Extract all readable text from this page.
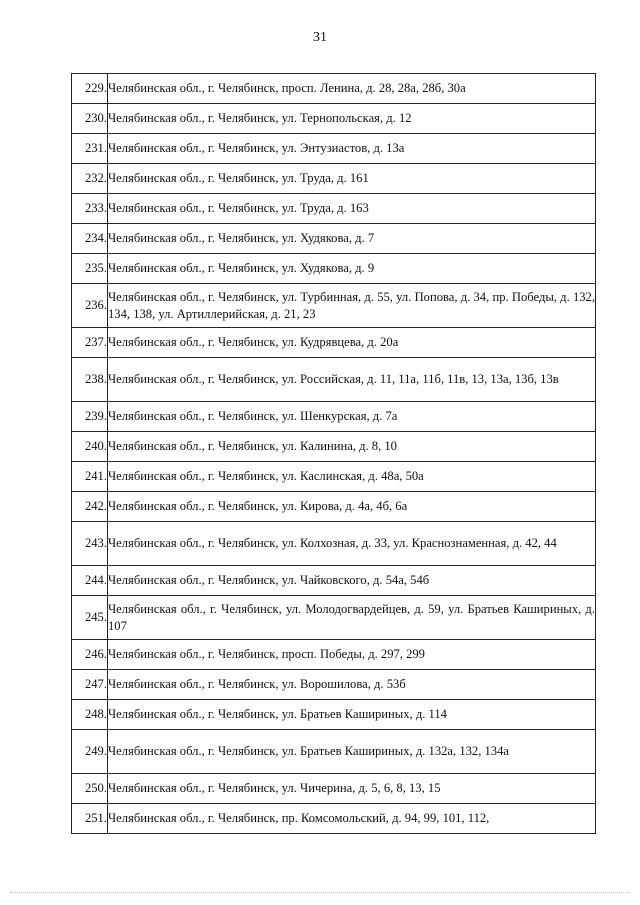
31
229.	Челябинская обл., г. Челябинск, просп. Ленина, д. 28, 28а, 28б, 30а
230.	Челябинская обл., г. Челябинск, ул. Тернопольская, д. 12
231.	Челябинская обл., г. Челябинск, ул. Энтузиастов, д. 13а
232.	Челябинская обл., г. Челябинск, ул. Труда, д. 161
233.	Челябинская обл., г. Челябинск, ул. Труда, д. 163
234.	Челябинская обл., г. Челябинск, ул. Худякова, д. 7
235.	Челябинская обл., г. Челябинск, ул. Худякова, д. 9
236.	Челябинская обл., г. Челябинск, ул. Турбинная, д. 55, ул. Попова, д. 34, пр. Победы, д. 132, 134, 138, ул. Артиллерийская, д. 21, 23
237.	Челябинская обл., г. Челябинск, ул. Кудрявцева, д. 20а
238.	Челябинская обл., г. Челябинск, ул. Российская, д. 11, 11а, 11б, 11в, 13, 13а, 13б, 13в
239.	Челябинская обл., г. Челябинск, ул. Шенкурская, д. 7а
240.	Челябинская обл., г. Челябинск, ул. Калинина, д. 8, 10
241.	Челябинская обл., г. Челябинск, ул. Каслинская, д. 48а, 50а
242.	Челябинская обл., г. Челябинск, ул. Кирова, д. 4а, 4б, 6а
243.	Челябинская обл., г. Челябинск, ул. Колхозная, д. 33, ул. Краснознаменная, д. 42, 44
244.	Челябинская обл., г. Челябинск, ул. Чайковского, д. 54а, 54б
245.	Челябинская обл., г. Челябинск, ул. Молодогвардейцев, д. 59, ул. Братьев Кашириных, д. 107
246.	Челябинская обл., г. Челябинск, просп. Победы, д. 297, 299
247.	Челябинская обл., г. Челябинск, ул. Ворошилова, д. 53б
248.	Челябинская обл., г. Челябинск, ул. Братьев Кашириных, д. 114
249.	Челябинская обл., г. Челябинск, ул. Братьев Кашириных, д. 132а, 132, 134а
250.	Челябинская обл., г. Челябинск, ул. Чичерина, д. 5, 6, 8, 13, 15
251.	Челябинская обл., г. Челябинск, пр. Комсомольский, д. 94, 99, 101, 112,
